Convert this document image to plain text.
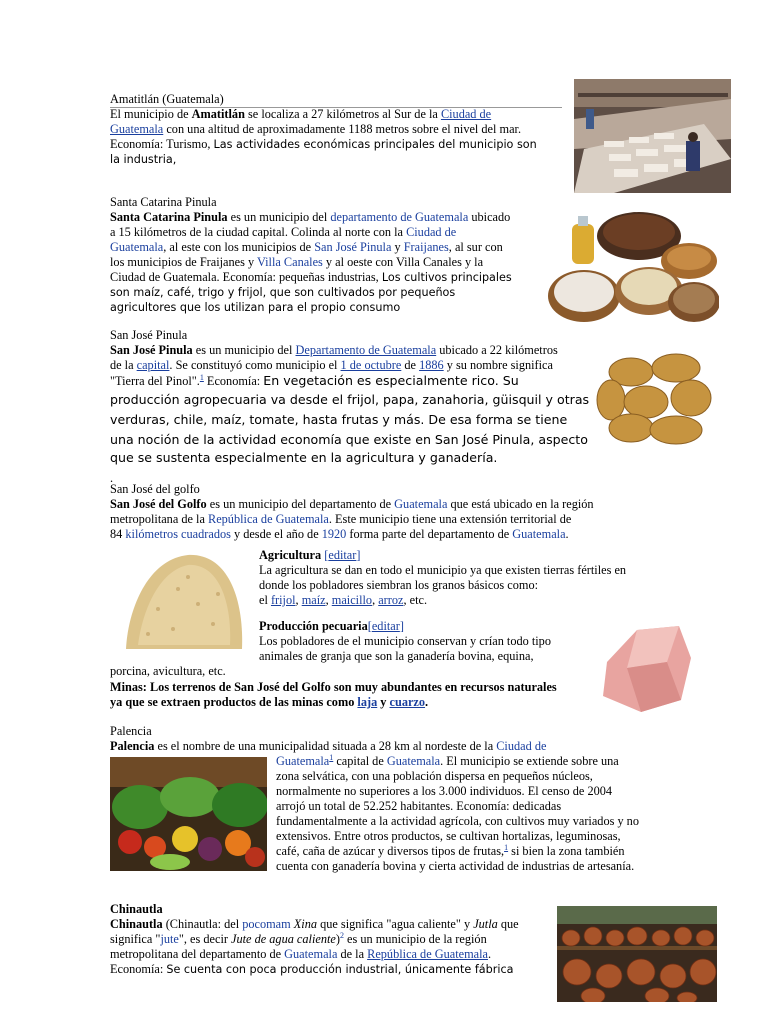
Amatitlán (Guatemala)
El municipio de Amatitlán se localiza a 27 kilómetros al Sur de la Ciudad de
Guatemala con una altitud de aproximadamente 1188 metros sobre el nivel del mar.
Economía: Turismo, Las actividades económicas principales del municipio son
la industria,
Santa Catarina Pinula
Santa Catarina Pinula es un municipio del departamento de Guatemala ubicado
a 15 kilómetros de la ciudad capital. Colinda al norte con la Ciudad de
Guatemala, al este con los municipios de San José Pinula y Fraijanes, al sur con
los municipios de Fraijanes y Villa Canales y al oeste con Villa Canales y la
Ciudad de Guatemala. Economía: pequeñas industrias, Los cultivos principales
son maíz, café, trigo y frijol, que son cultivados por pequeños
agricultores que los utilizan para el propio consumo
San José Pinula
San José Pinula es un municipio del Departamento de Guatemala ubicado a 22 kilómetros
de la capital. Se constituyó como municipio el 1 de octubre de 1886 y su nombre significa
"Tierra del Pinol".$^1$ Economía: En vegetación es especialmente rico. Su
producción agropecuaria va desde el frijol, papa, zanahoria, güisquil y otras
verduras, chile, maíz, tomate, hasta frutas y más. De esa forma se tiene
una noción de la actividad economía que existe en San José Pinula, aspecto
que se sustenta especialmente en la agricultura y ganadería.
.
San José del golfo
San José del Golfo es un municipio del departamento de Guatemala que está ubicado en la región
metropolitana de la República de Guatemala. Este municipio tiene una extensión territorial de
84 kilómetros cuadrados y desde el año de 1920 forma parte del departamento de Guatemala.
Agricultura [editar]
La agricultura se dan en todo el municipio ya que existen tierras fértiles en
donde los pobladores siembran los granos básicos como:
el frijol, maíz, maicillo, arroz, etc.
Producción pecuaria[editar]
Los pobladores de el municipio conservan y crían todo tipo
animales de granja que son la ganadería bovina, equina,
porcina, avicultura, etc.
Minas: Los terrenos de San José del Golfo son muy abundantes en recursos naturales
ya que se extraen productos de las minas como laja y cuarzo.
Palencia
Palencia es el nombre de una municipalidad situada a 28 km al nordeste de la Ciudad de
Guatemala$^1$ capital de Guatemala. El municipio se extiende sobre una
zona selvática, con una población dispersa en pequeños núcleos,
normalmente no superiores a los 3.000 individuos. El censo de 2004
arrojó un total de 52.252 habitantes. Economía: dedicadas
fundamentalmente a la actividad agrícola, con cultivos muy variados y no
extensivos. Entre otros productos, se cultivan hortalizas, leguminosas,
café, caña de azúcar y diversos tipos de frutas,$^1$ si bien la zona también
cuenta con ganadería bovina y cierta actividad de industrias de artesanía.
Chinautla
Chinautla (Chinautla: del pocomam Xina que significa "agua caliente" y Jutla que
significa "jute", es decir Jute de agua caliente)$^2$ es un municipio de la región
metropolitana del departamento de Guatemala de la República de Guatemala.
Economía: Se cuenta con poca producción industrial, únicamente fábrica
